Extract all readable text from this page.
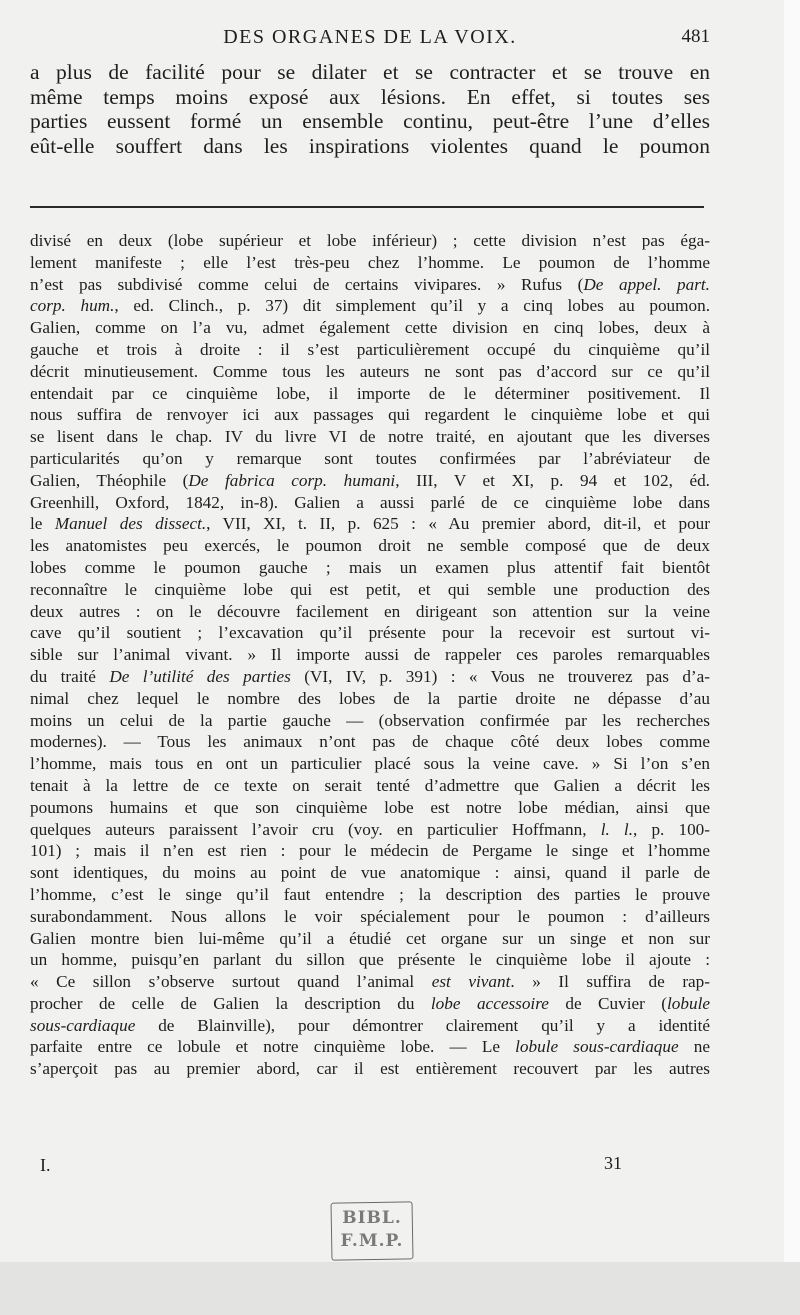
DES ORGANES DE LA VOIX.	481
a plus de facilité pour se dilater et se contracter et se trouve en
même temps moins exposé aux lésions. En effet, si toutes ses
parties eussent formé un ensemble continu, peut-être l’une d’elles
eût-elle souffert dans les inspirations violentes quand le poumon
divisé en deux (lobe supérieur et lobe inférieur) ; cette division n’est pas éga-
lement manifeste ; elle l’est très-peu chez l’homme. Le poumon de l’homme
n’est pas subdivisé comme celui de certains vivipares. » Rufus (De appel. part.
corp. hum., ed. Clinch., p. 37) dit simplement qu’il y a cinq lobes au poumon.
Galien, comme on l’a vu, admet également cette division en cinq lobes, deux à
gauche et trois à droite : il s’est particulièrement occupé du cinquième qu’il
décrit minutieusement. Comme tous les auteurs ne sont pas d’accord sur ce qu’il
entendait par ce cinquième lobe, il importe de le déterminer positivement. Il
nous suffira de renvoyer ici aux passages qui regardent le cinquième lobe et qui
se lisent dans le chap. IV du livre VI de notre traité, en ajoutant que les diverses
particularités qu’on y remarque sont toutes confirmées par l’abréviateur de
Galien, Théophile (De fabrica corp. humani, III, V et XI, p. 94 et 102, éd.
Greenhill, Oxford, 1842, in-8). Galien a aussi parlé de ce cinquième lobe dans
le Manuel des dissect., VII, XI, t. II, p. 625 : « Au premier abord, dit-il, et pour
les anatomistes peu exercés, le poumon droit ne semble composé que de deux
lobes comme le poumon gauche ; mais un examen plus attentif fait bientôt
reconnaître le cinquième lobe qui est petit, et qui semble une production des
deux autres : on le découvre facilement en dirigeant son attention sur la veine
cave qu’il soutient ; l’excavation qu’il présente pour la recevoir est surtout vi-
sible sur l’animal vivant. » Il importe aussi de rappeler ces paroles remarquables
du traité De l’utilité des parties (VI, IV, p. 391) : « Vous ne trouverez pas d’a-
nimal chez lequel le nombre des lobes de la partie droite ne dépasse d’au
moins un celui de la partie gauche — (observation confirmée par les recherches
modernes). — Tous les animaux n’ont pas de chaque côté deux lobes comme
l’homme, mais tous en ont un particulier placé sous la veine cave. » Si l’on s’en
tenait à la lettre de ce texte on serait tenté d’admettre que Galien a décrit les
poumons humains et que son cinquième lobe est notre lobe médian, ainsi que
quelques auteurs paraissent l’avoir cru (voy. en particulier Hoffmann, l. l., p. 100-
101) ; mais il n’en est rien : pour le médecin de Pergame le singe et l’homme
sont identiques, du moins au point de vue anatomique : ainsi, quand il parle de
l’homme, c’est le singe qu’il faut entendre ; la description des parties le prouve
surabondamment. Nous allons le voir spécialement pour le poumon : d’ailleurs
Galien montre bien lui-même qu’il a étudié cet organe sur un singe et non sur
un homme, puisqu’en parlant du sillon que présente le cinquième lobe il ajoute :
« Ce sillon s’observe surtout quand l’animal est vivant. » Il suffira de rap-
procher de celle de Galien la description du lobe accessoire de Cuvier (lobule
sous-cardiaque de Blainville), pour démontrer clairement qu’il y a identité
parfaite entre ce lobule et notre cinquième lobe. — Le lobule sous-cardiaque ne
s’aperçoit pas au premier abord, car il est entièrement recouvert par les autres
I.	31
BIBL.
F.M.P.
